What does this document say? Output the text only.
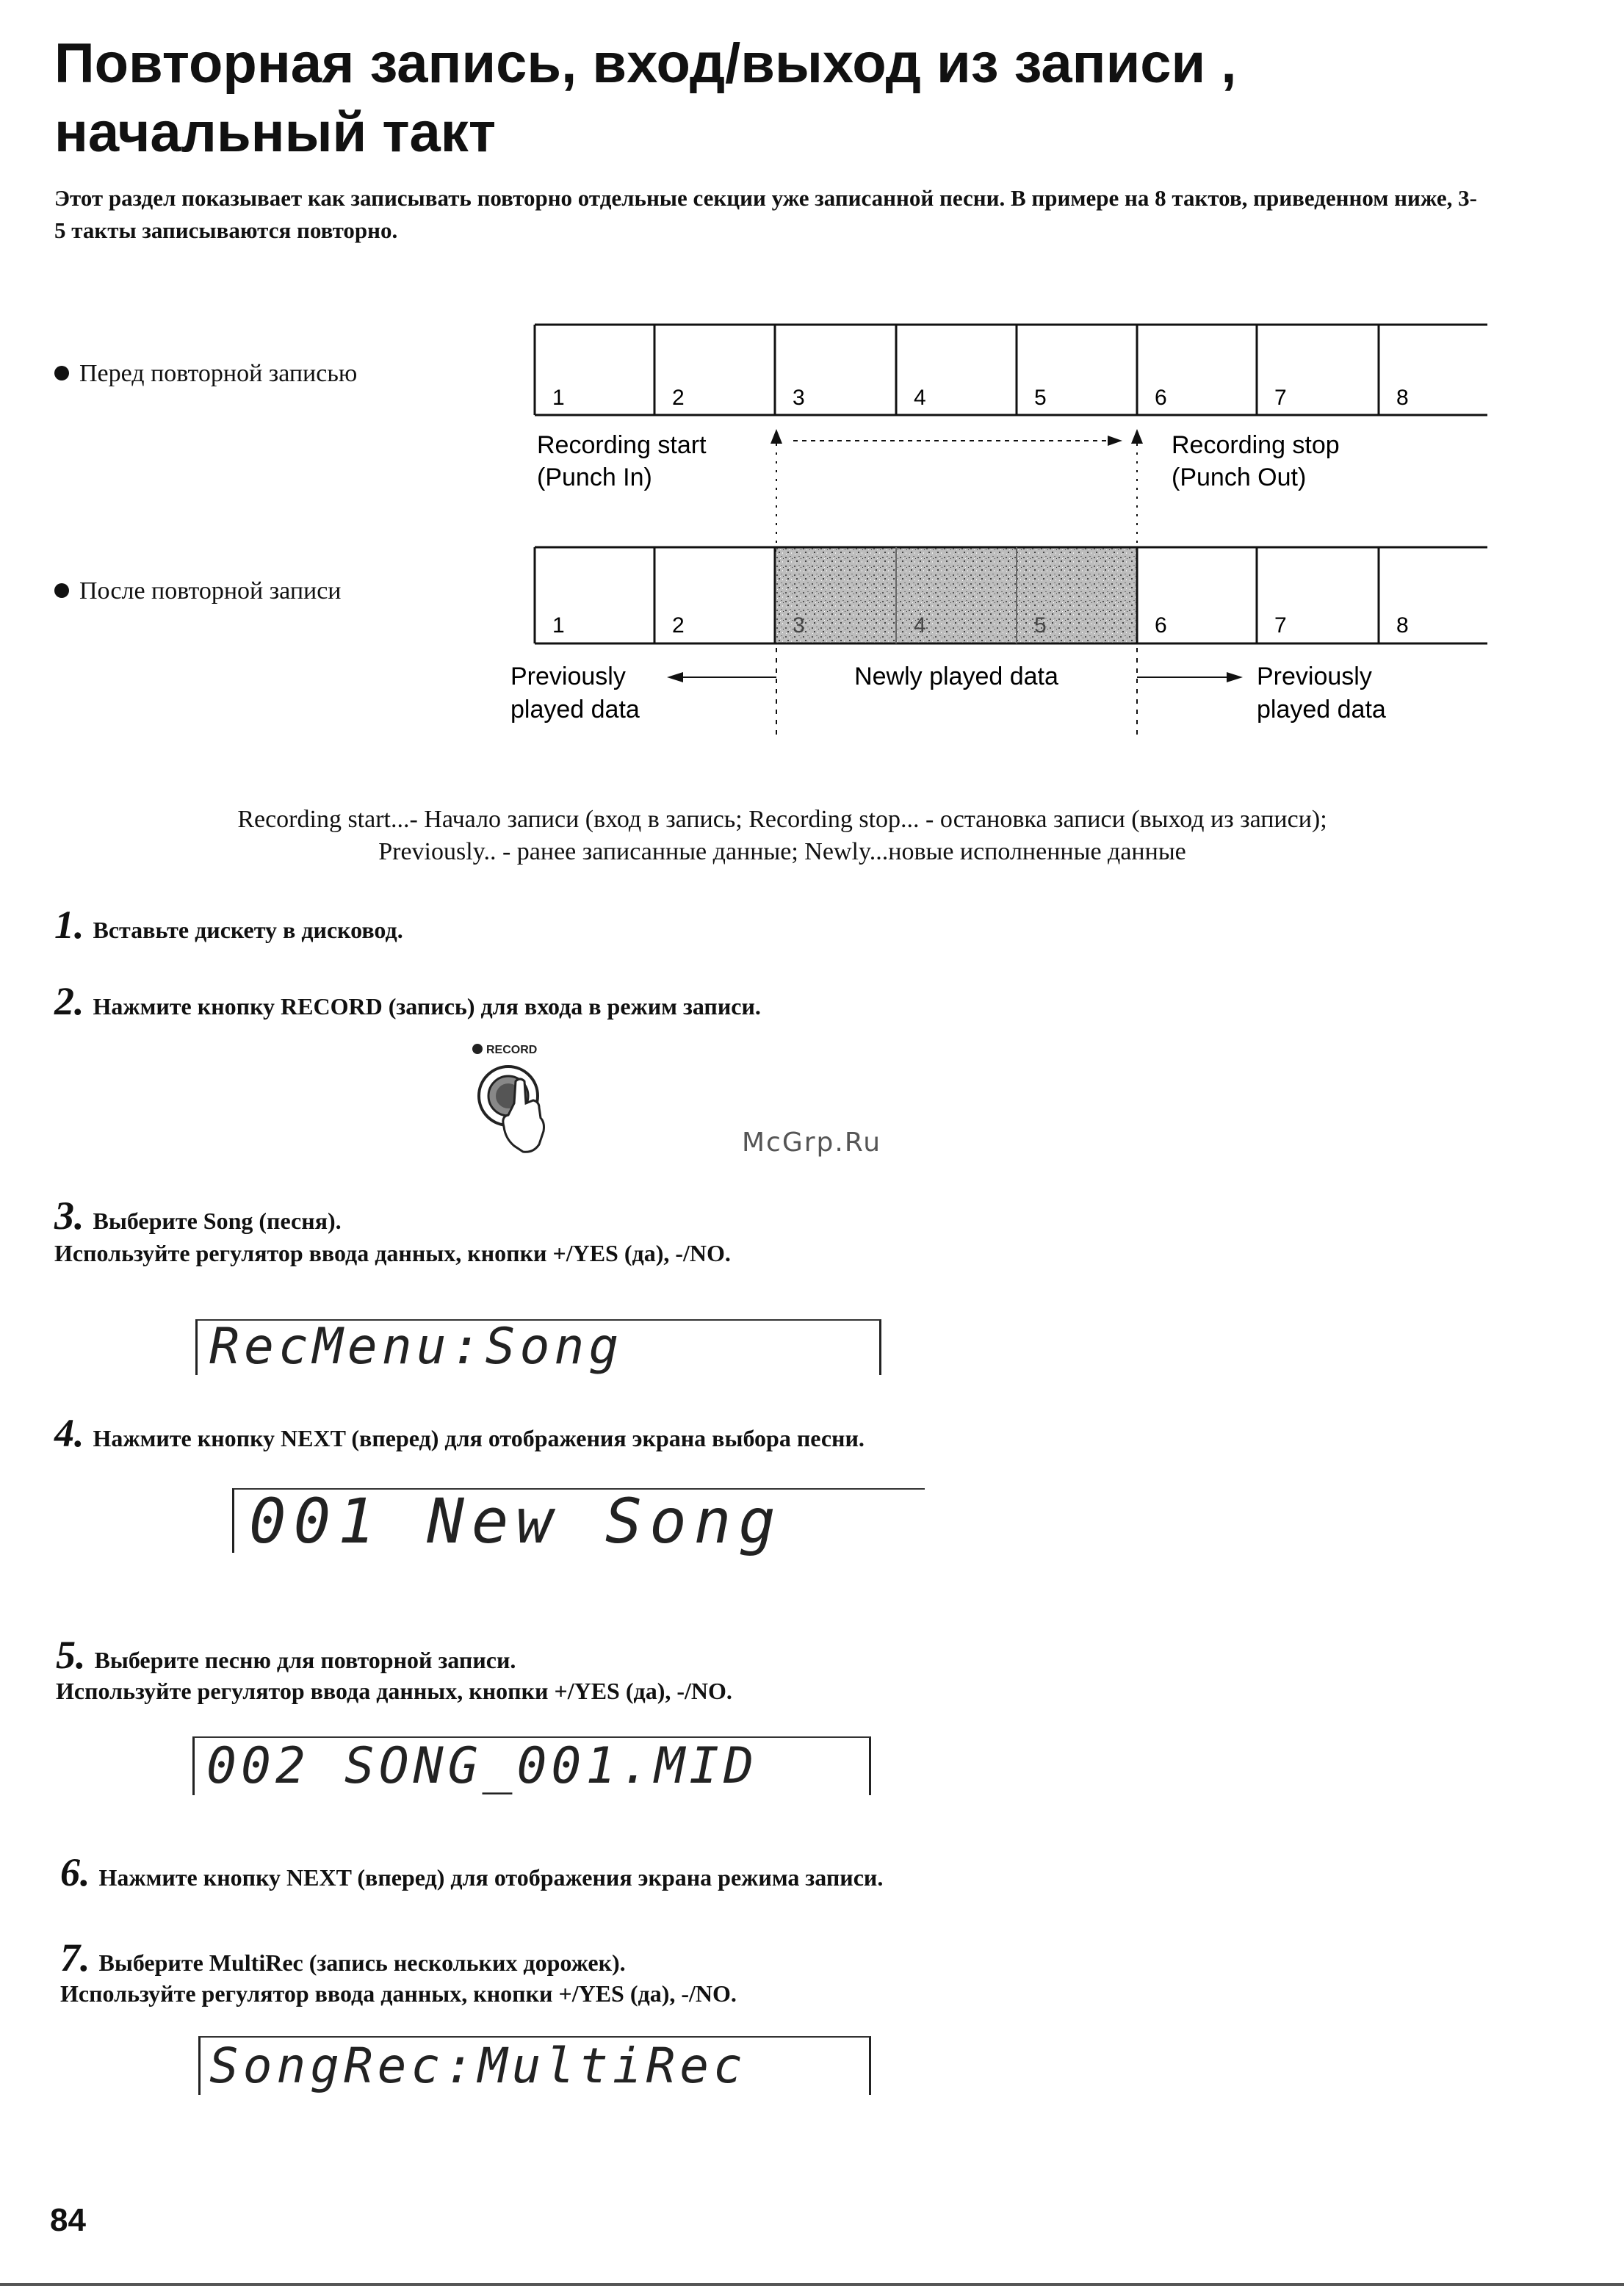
Повторная запись, вход/выход из записи ,
начальный такт
Этот раздел показывает как записывать повторно отдельные секции уже записанной песни. В примере на 8 тактов, приведенном ниже, 3-5 такты записываются повторно.
Перед повторной записью
После повторной записи
1	2	3	4	5	6	7	8
Recording start
(Punch In)
Recording stop
(Punch Out)
1	2	3	4	5	6	7	8
Previously
played data
Newly played data	Previously
played data
Recording start...- Начало записи (вход в запись; Recording stop... - остановка записи (выход из записи);
Previously.. - ранее записанные данные; Newly...новые исполненные данные
1. Вставьте дискету в дисковод.
2. Нажмите кнопку RECORD (запись) для входа в режим записи.
RECORD
McGrp.Ru
3. Выберите Song (песня).
Используйте регулятор ввода данных, кнопки +/YES (да), -/NO.
RecMenu:Song
4. Нажмите кнопку NEXT (вперед) для отображения экрана выбора песни.
001 New Song
5. Выберите песню для повторной записи.
Используйте регулятор ввода данных, кнопки +/YES (да), -/NO.
002 SONG_001.MID
6. Нажмите кнопку NEXT (вперед) для отображения экрана режима записи.
7. Выберите MultiRec (запись нескольких дорожек).
Используйте регулятор ввода данных, кнопки +/YES (да), -/NO.
SongRec:MultiRec
84
